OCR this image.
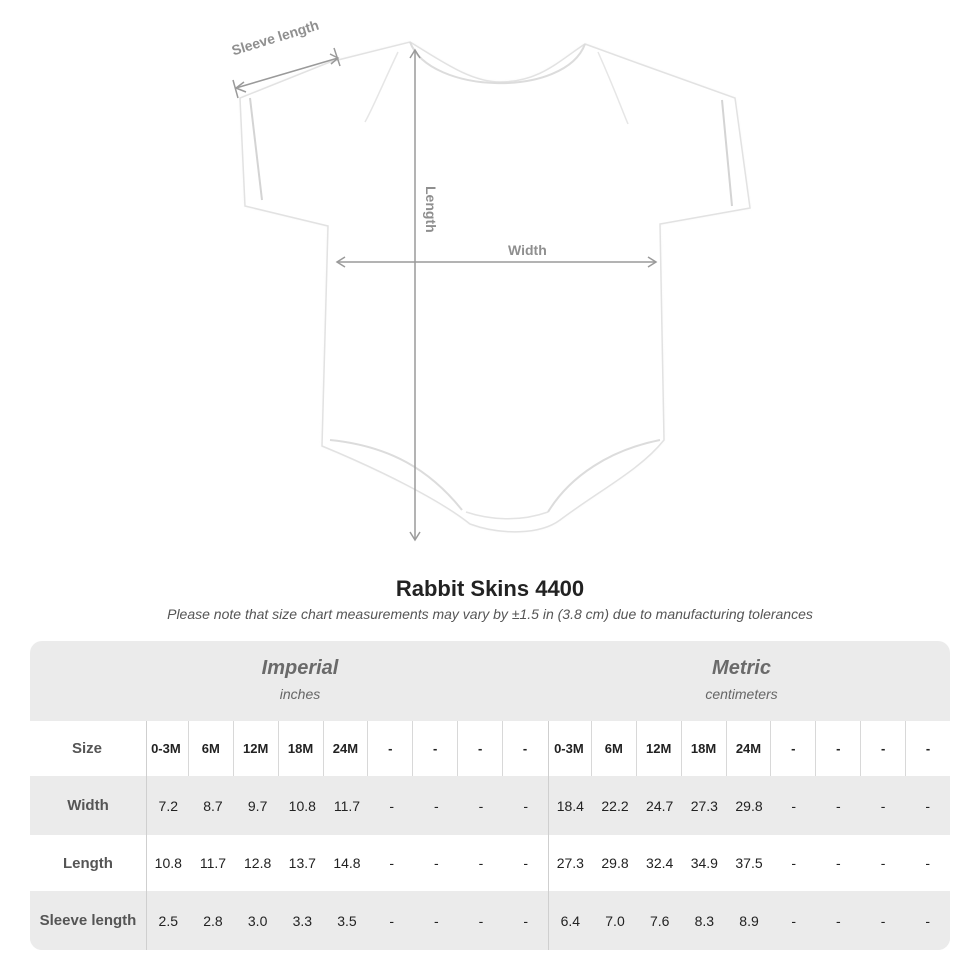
Sleeve length
Length
Width
Rabbit Skins 4400
Please note that size chart measurements may vary by ±1.5 in (3.8 cm) due to manufacturing tolerances
Imperial
inches
Metric
centimeters
Size	0-3M	6M	12M	18M	24M	-	-	-	-	0-3M	6M	12M	18M	24M	-	-	-	-
Width	7.2	8.7	9.7	10.8	11.7	-	-	-	-	18.4	22.2	24.7	27.3	29.8	-	-	-	-
Length	10.8	11.7	12.8	13.7	14.8	-	-	-	-	27.3	29.8	32.4	34.9	37.5	-	-	-	-
Sleeve length	2.5	2.8	3.0	3.3	3.5	-	-	-	-	6.4	7.0	7.6	8.3	8.9	-	-	-	-
